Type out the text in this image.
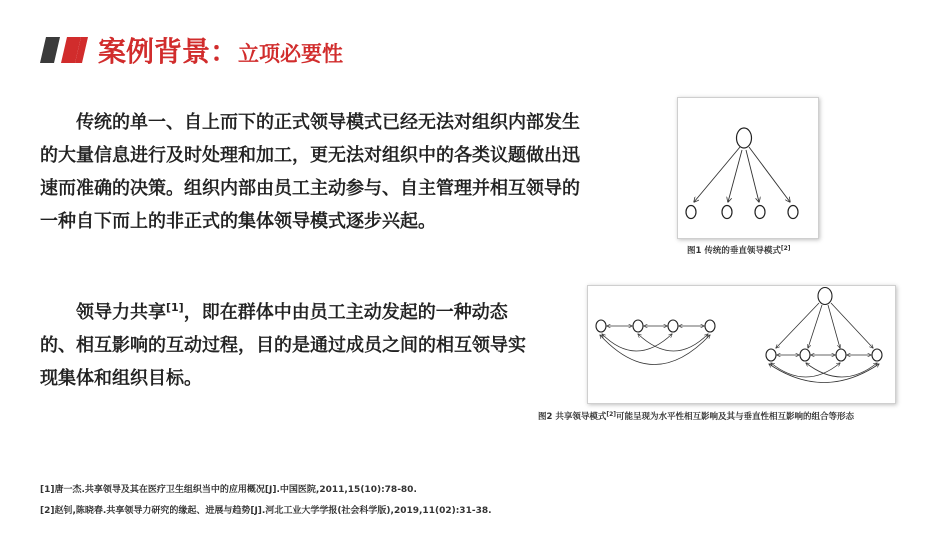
案例背景：立项必要性

传统的单一、自上而下的正式领导模式已经无法对组织内部发生的大量信息进行及时处理和加工，更无法对组织中的各类议题做出迅速而准确的决策。组织内部由员工主动参与、自主管理并相互领导的一种自下而上的非正式的集体领导模式逐步兴起。

领导力共享[1]，即在群体中由员工主动发起的一种动态的、相互影响的互动过程，目的是通过成员之间的相互领导实现集体和组织目标。

图1 传统的垂直领导模式[2]
图2 共享领导模式[2]可能呈现为水平性相互影响及其与垂直性相互影响的组合等形态
[1]唐一杰.共享领导及其在医疗卫生组织当中的应用概况[J].中国医院,2011,15(10):78-80.
[2]赵钊,陈晓春.共享领导力研究的缘起、进展与趋势[J].河北工业大学学报(社会科学版),2019,11(02):31-38.
